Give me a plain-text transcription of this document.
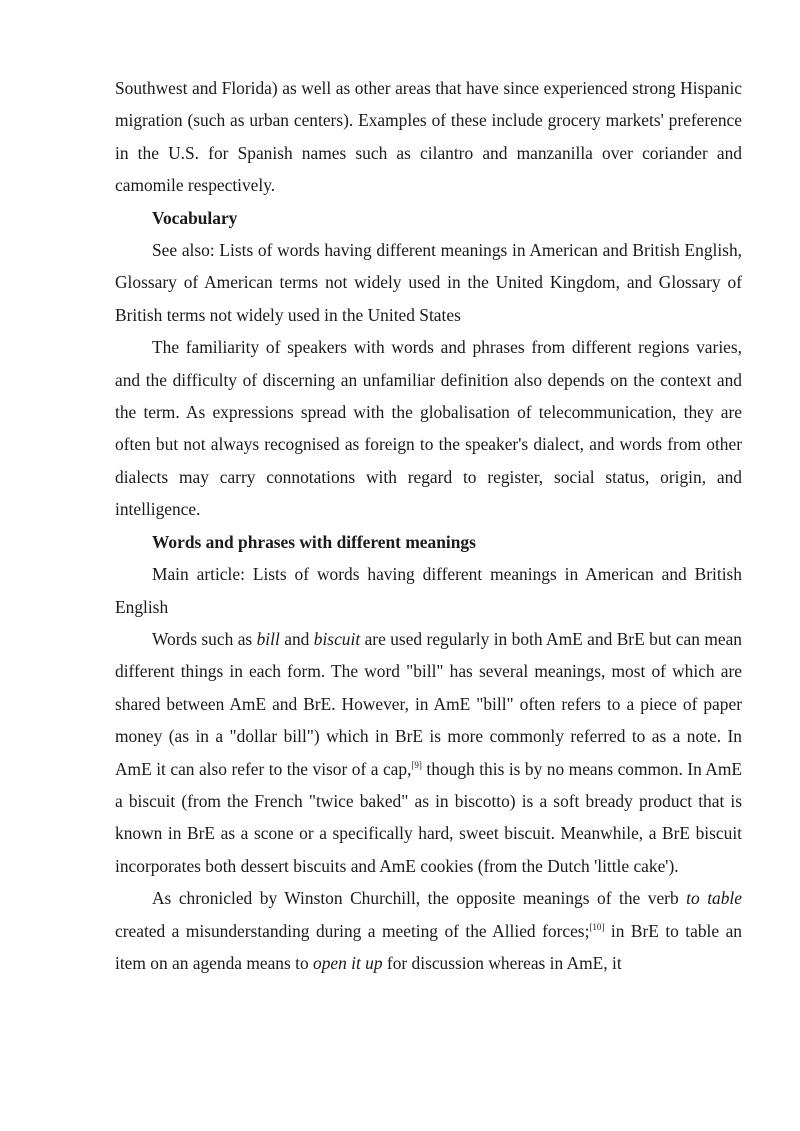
Southwest and Florida) as well as other areas that have since experienced strong Hispanic migration (such as urban centers). Examples of these include grocery markets' preference in the U.S. for Spanish names such as cilantro and manzanilla over coriander and camomile respectively.

Vocabulary

See also: Lists of words having different meanings in American and British English, Glossary of American terms not widely used in the United Kingdom, and Glossary of British terms not widely used in the United States

The familiarity of speakers with words and phrases from different regions varies, and the difficulty of discerning an unfamiliar definition also depends on the context and the term. As expressions spread with the globalisation of telecommunication, they are often but not always recognised as foreign to the speaker's dialect, and words from other dialects may carry connotations with regard to register, social status, origin, and intelligence.

Words and phrases with different meanings

Main article: Lists of words having different meanings in American and British English

Words such as bill and biscuit are used regularly in both AmE and BrE but can mean different things in each form. The word "bill" has several meanings, most of which are shared between AmE and BrE. However, in AmE "bill" often refers to a piece of paper money (as in a "dollar bill") which in BrE is more commonly referred to as a note. In AmE it can also refer to the visor of a cap,[9] though this is by no means common. In AmE a biscuit (from the French "twice baked" as in biscotto) is a soft bready product that is known in BrE as a scone or a specifically hard, sweet biscuit. Meanwhile, a BrE biscuit incorporates both dessert biscuits and AmE cookies (from the Dutch 'little cake').

As chronicled by Winston Churchill, the opposite meanings of the verb to table created a misunderstanding during a meeting of the Allied forces;[10] in BrE to table an item on an agenda means to open it up for discussion whereas in AmE, it
